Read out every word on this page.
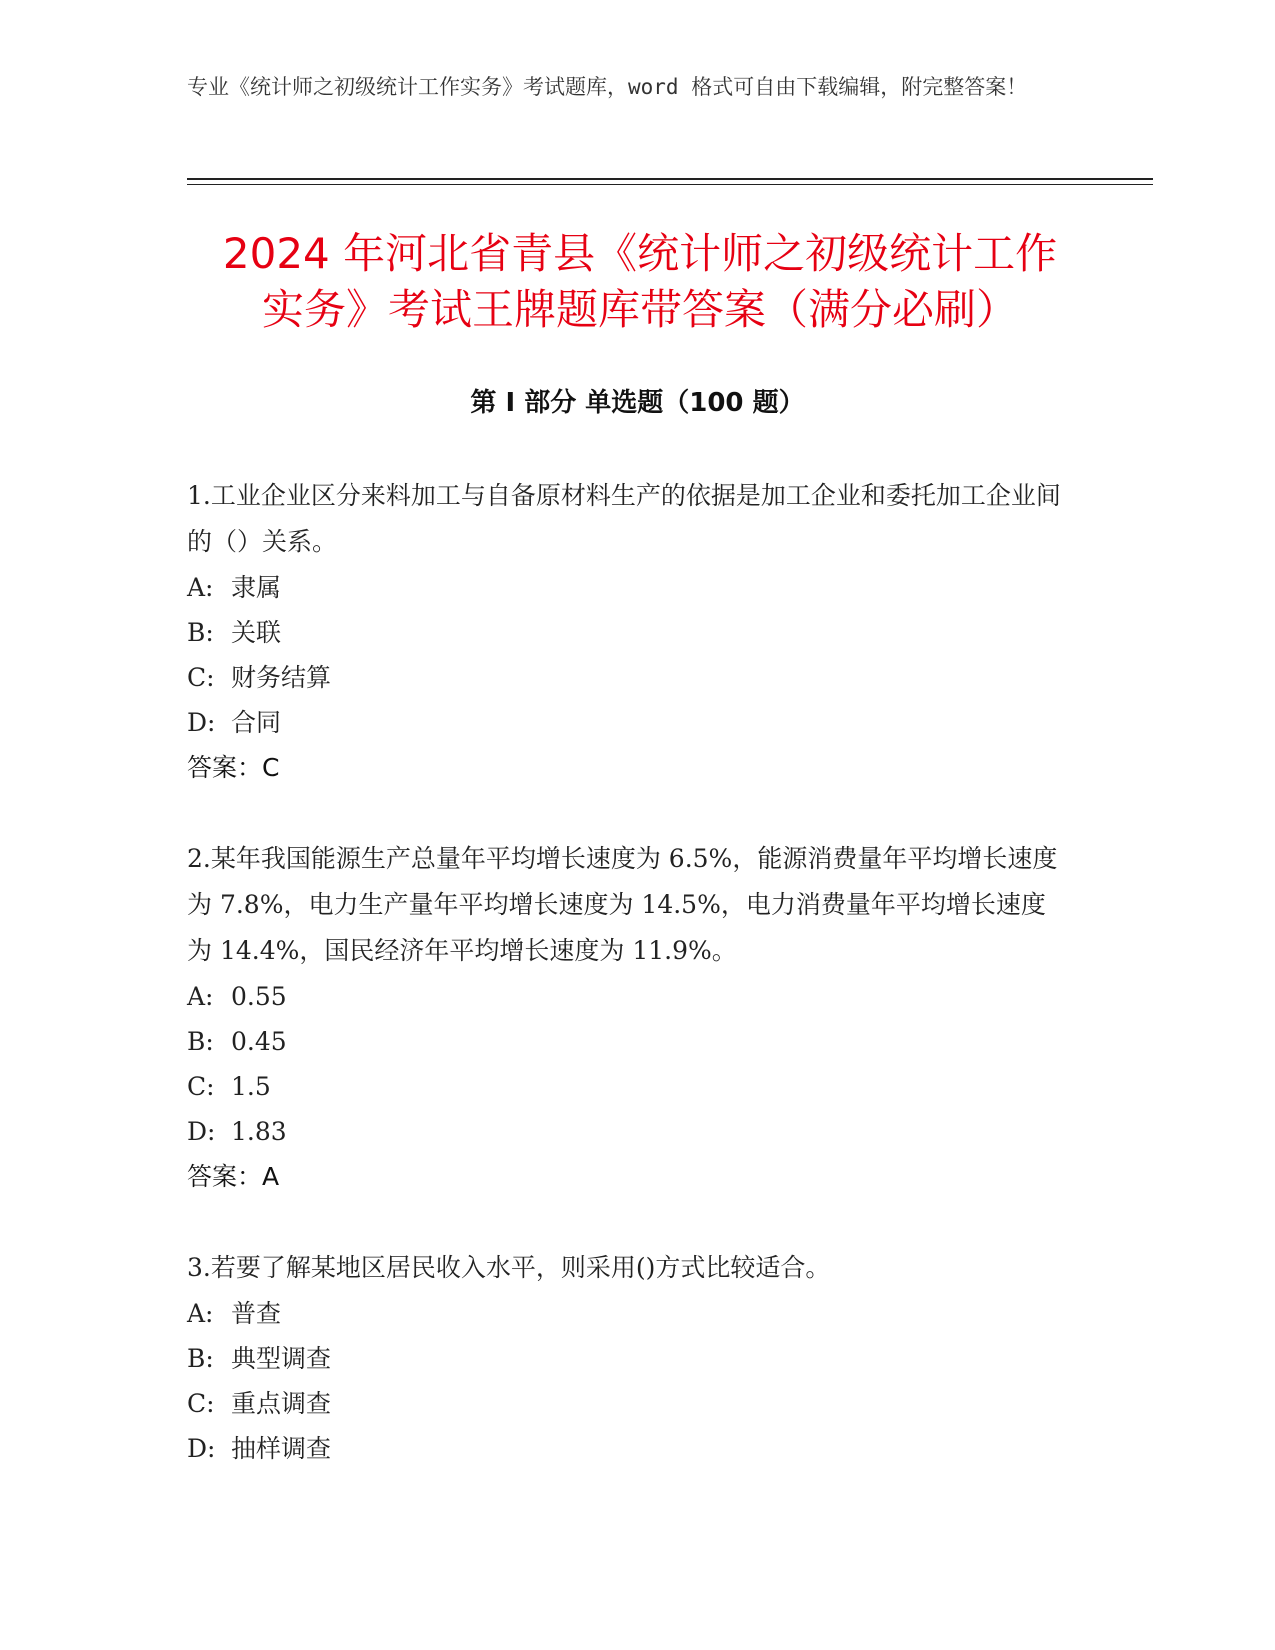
专业《统计师之初级统计工作实务》考试题库，word 格式可自由下载编辑，附完整答案！
2024 年河北省青县《统计师之初级统计工作
实务》考试王牌题库带答案（满分必刷）
第 I 部分 单选题（100 题）

1.工业企业区分来料加工与自备原材料生产的依据是加工企业和委托加工企业间的（）关系。

A: 隶属
B: 关联
C: 财务结算
D: 合同
答案：C

2.某年我国能源生产总量年平均增长速度为 6.5%，能源消费量年平均增长速度为 7.8%，电力生产量年平均增长速度为 14.5%，电力消费量年平均增长速度为 14.4%，国民经济年平均增长速度为 11.9%。

A: 0.55
B: 0.45
C: 1.5
D: 1.83
答案：A

3.若要了解某地区居民收入水平，则采用()方式比较适合。

A: 普查
B: 典型调查
C: 重点调查
D: 抽样调查
